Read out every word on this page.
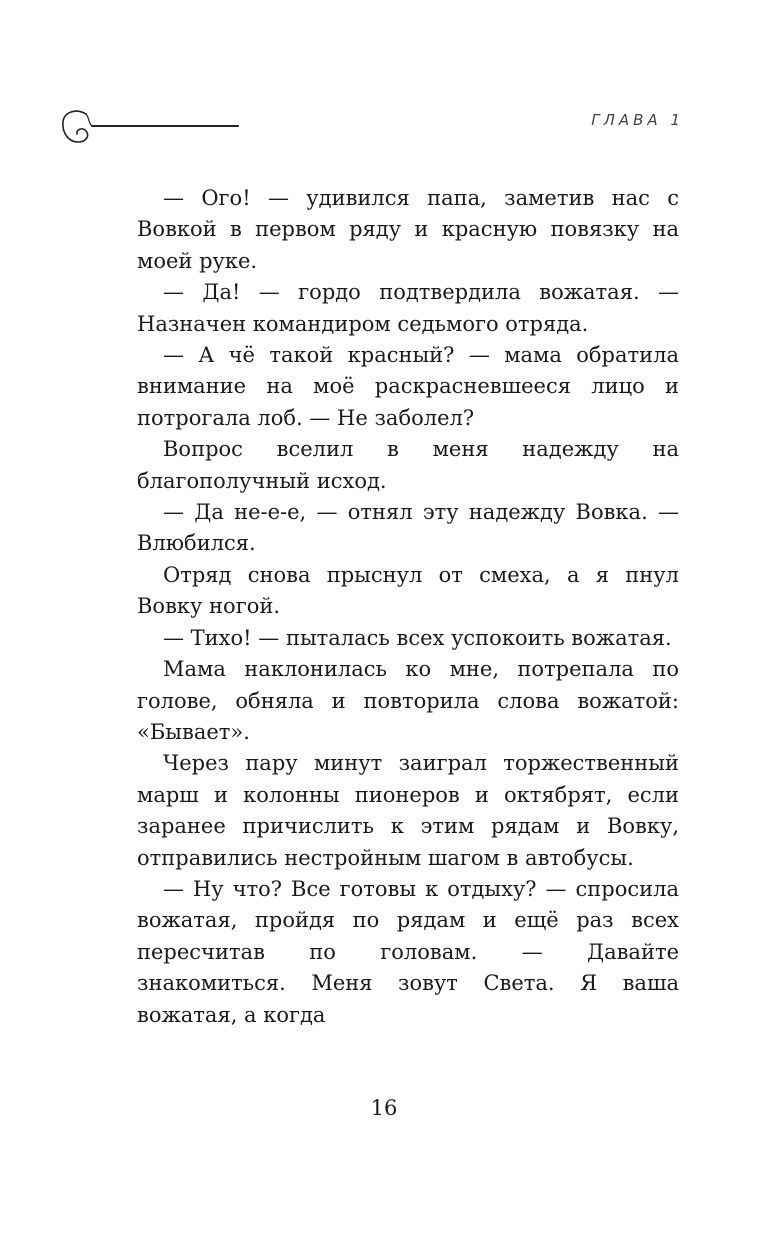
ГЛАВА 1

— Ого! — удивился папа, заметив нас с Вовкой в первом ряду и красную повязку на моей руке.

— Да! — гордо подтвердила вожатая. — Назначен командиром седьмого отряда.

— А чё такой красный? — мама обратила внимание на моё раскрасневшееся лицо и потрогала лоб. — Не заболел?

Вопрос вселил в меня надежду на благополучный исход.

— Да не-е-е, — отнял эту надежду Вовка. — Влюбился.

Отряд снова прыснул от смеха, а я пнул Вовку ногой.

— Тихо! — пыталась всех успокоить вожатая.

Мама наклонилась ко мне, потрепала по голове, обняла и повторила слова вожатой: «Бывает».

Через пару минут заиграл торжественный марш и колонны пионеров и октябрят, если заранее причислить к этим рядам и Вовку, отправились нестройным шагом в автобусы.

— Ну что? Все готовы к отдыху? — спросила вожатая, пройдя по рядам и ещё раз всех пересчитав по головам. — Давайте знакомиться. Меня зовут Света. Я ваша вожатая, а когда

16
